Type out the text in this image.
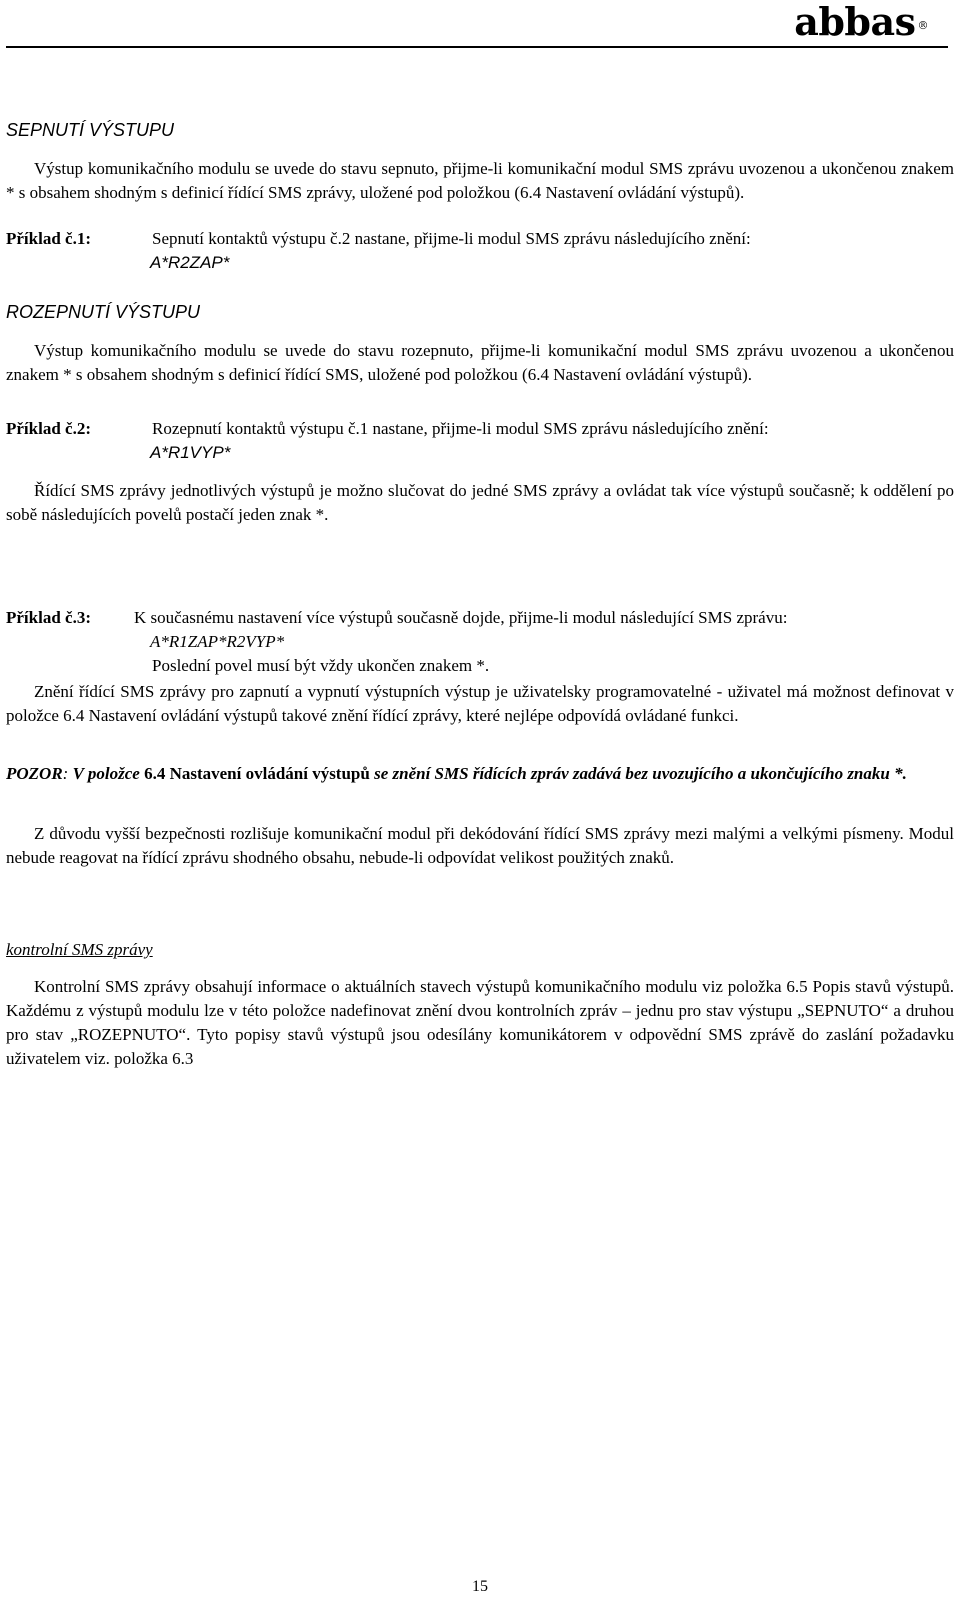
abbas ®
SEPNUTÍ VÝSTUPU
Výstup komunikačního modulu se uvede do stavu sepnuto, přijme-li komunikační modul SMS zprávu uvozenou a ukončenou znakem * s obsahem shodným s definicí řídící SMS zprávy, uložené pod položkou (6.4 Nastavení ovládání výstupů).
Příklad č.1:	Sepnutí kontaktů výstupu č.2 nastane, přijme-li modul SMS zprávu následujícího znění:
A*R2ZAP*
ROZEPNUTÍ VÝSTUPU
Výstup komunikačního modulu se uvede do stavu rozepnuto, přijme-li komunikační modul SMS zprávu uvozenou a ukončenou znakem * s obsahem shodným s definicí řídící SMS, uložené pod položkou (6.4 Nastavení ovládání výstupů).
Příklad č.2:	Rozepnutí kontaktů výstupu č.1 nastane, přijme-li modul SMS zprávu následujícího znění:
A*R1VYP*
Řídící SMS zprávy jednotlivých výstupů je možno slučovat do jedné SMS zprávy a ovládat tak více výstupů současně; k oddělení po sobě následujících povelů postačí jeden znak *.
Příklad č.3:	K současnému nastavení více výstupů současně dojde, přijme-li modul následující SMS zprávu:
A*R1ZAP*R2VYP*
Poslední povel musí být vždy ukončen znakem *.
Znění řídící SMS zprávy pro zapnutí a vypnutí výstupních výstup je uživatelsky programovatelné - uživatel má možnost definovat v položce 6.4 Nastavení ovládání výstupů takové znění řídící zprávy, které nejlépe odpovídá ovládané funkci.
POZOR: V položce 6.4 Nastavení ovládání výstupů se znění SMS řídících zpráv zadává bez uvozujícího a ukončujícího znaku *.
Z důvodu vyšší bezpečnosti rozlišuje komunikační modul při dekódování řídící SMS zprávy mezi malými a velkými písmeny. Modul nebude reagovat na řídící zprávu shodného obsahu, nebude-li odpovídat velikost použitých znaků.
kontrolní SMS zprávy
Kontrolní SMS zprávy obsahují informace o aktuálních stavech výstupů komunikačního modulu viz položka 6.5 Popis stavů výstupů. Každému z výstupů modulu lze v této položce nadefinovat znění dvou kontrolních zpráv – jednu pro stav výstupu „SEPNUTO“ a druhou pro stav „ROZEPNUTO“. Tyto popisy stavů výstupů jsou odesílány komunikátorem v odpovědní SMS zprávě do zaslání požadavku uživatelem viz. položka 6.3
15
